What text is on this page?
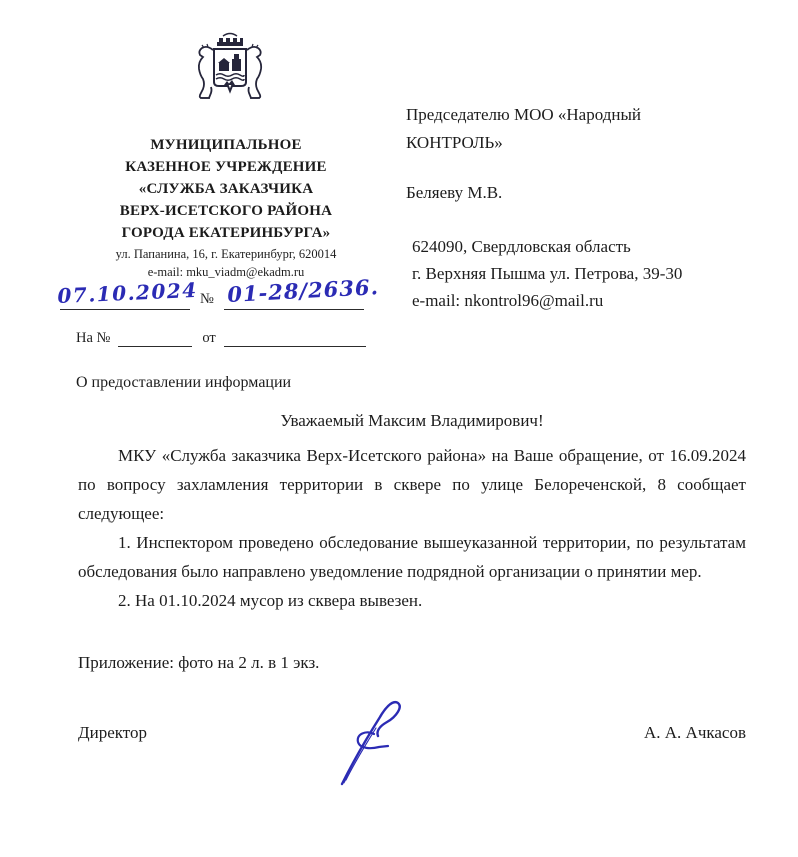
МУНИЦИПАЛЬНОЕ
КАЗЕННОЕ УЧРЕЖДЕНИЕ
«СЛУЖБА ЗАКАЗЧИКА
ВЕРХ-ИСЕТСКОГО РАЙОНА
ГОРОДА ЕКАТЕРИНБУРГА»
ул. Папанина, 16, г. Екатеринбург, 620014
e-mail: mku_viadm@ekadm.ru
07.10.2024 № 01-28/2636.
На №	от
Председателю МОО «Народный
КОНТРОЛЬ»
Беляеву М.В.
624090, Свердловская область
г. Верхняя Пышма ул. Петрова, 39-30
e-mail: nkontrol96@mail.ru
О предоставлении информации
Уважаемый Максим Владимирович!

МКУ «Служба заказчика Верх-Исетского района» на Ваше обращение, от 16.09.2024 по вопросу захламления территории в сквере по улице Белореченской, 8 сообщает следующее:

1. Инспектором проведено обследование вышеуказанной территории, по результатам обследования было направлено уведомление подрядной организации о принятии мер.

2. На 01.10.2024 мусор из сквера вывезен.

Приложение: фото на 2 л. в 1 экз.
Директор	А. А. Ачкасов
